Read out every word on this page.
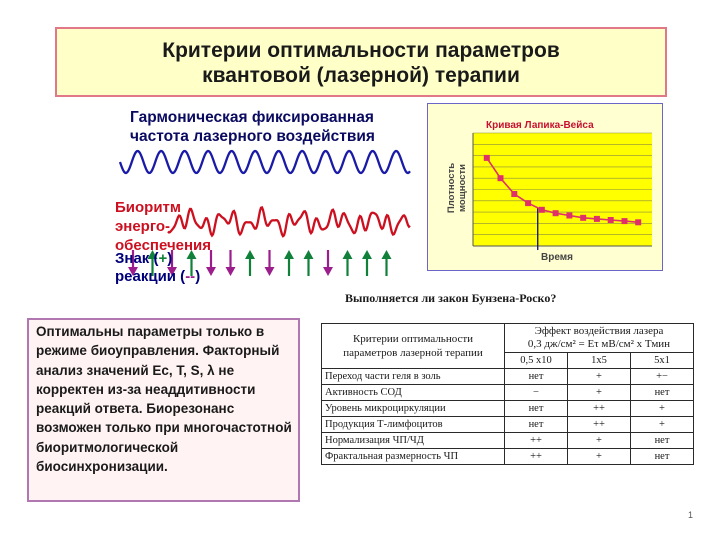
Критерии оптимальности параметров
квантовой (лазерной) терапии
Гармоническая фиксированная
частота лазерного воздействия
Биоритм
энерго-
обеспечения
Знак (+)
реакции (--)
Кривая Лапика-Вейса
Время
Плотность мощности
Выполняется ли закон Бунзена-Роско?

Оптимальны параметры только в режиме биоуправления. Факторный анализ значений Ес, T, S, λ не корректен из-за неаддитивности реакций ответа. Биорезонанс возможен только при многочастотной биоритмологической биосинхронизации.

Критерии оптимальности параметров лазерной терапии	Эффект воздействия лазера
0,3 дж/см² = Еτ мВ/см² х Тмин		

	0,5 x10	1x5	5x1
Переход части геля в золь	нет	+	+−
Активность СОД	−	+	нет
Уровень микроциркуляции	нет	++	+
Продукция Т-лимфоцитов	нет	++	+
Нормализация ЧП/ЧД	++	+	нет
Фрактальная размерность ЧП	++	+	нет
1
